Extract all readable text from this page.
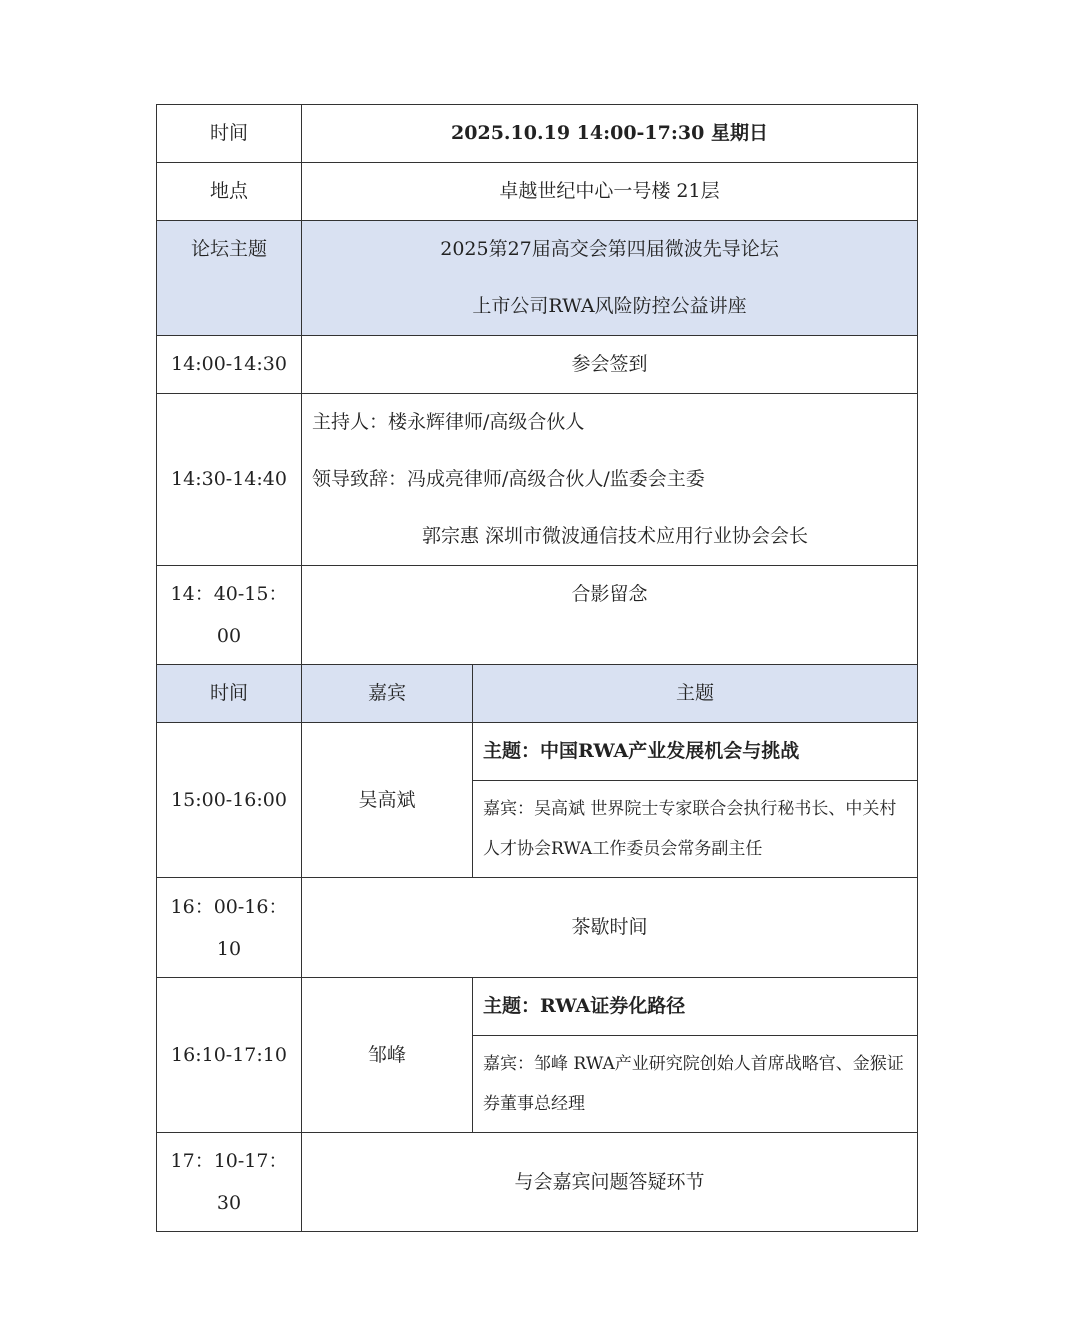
时间	2025.10.19 14:00-17:30 星期日	
地点	卓越世纪中心一号楼 21层	
论坛主题	2025第27届高交会第四届微波先导论坛
上市公司RWA风险防控公益讲座	

14:00-14:30	参会签到	
14:30-14:40	主持人：楼永辉律师/高级合伙人
领导致辞：冯成亮律师/高级合伙人/监委会主委
郭宗惠 深圳市微波通信技术应用行业协会会长	

14：40-15：00	合影留念	
时间	嘉宾	主题
15:00-16:00	吴高斌	主题：中国RWA产业发展机会与挑战
		嘉宾：吴高斌 世界院士专家联合会执行秘书长、中关村人才协会RWA工作委员会常务副主任
16：00-16：10	茶歇时间	
16:10-17:10	邹峰	主题：RWA证券化路径
		嘉宾：邹峰 RWA产业研究院创始人首席战略官、金猴证券董事总经理
17：10-17：30	与会嘉宾问题答疑环节	
